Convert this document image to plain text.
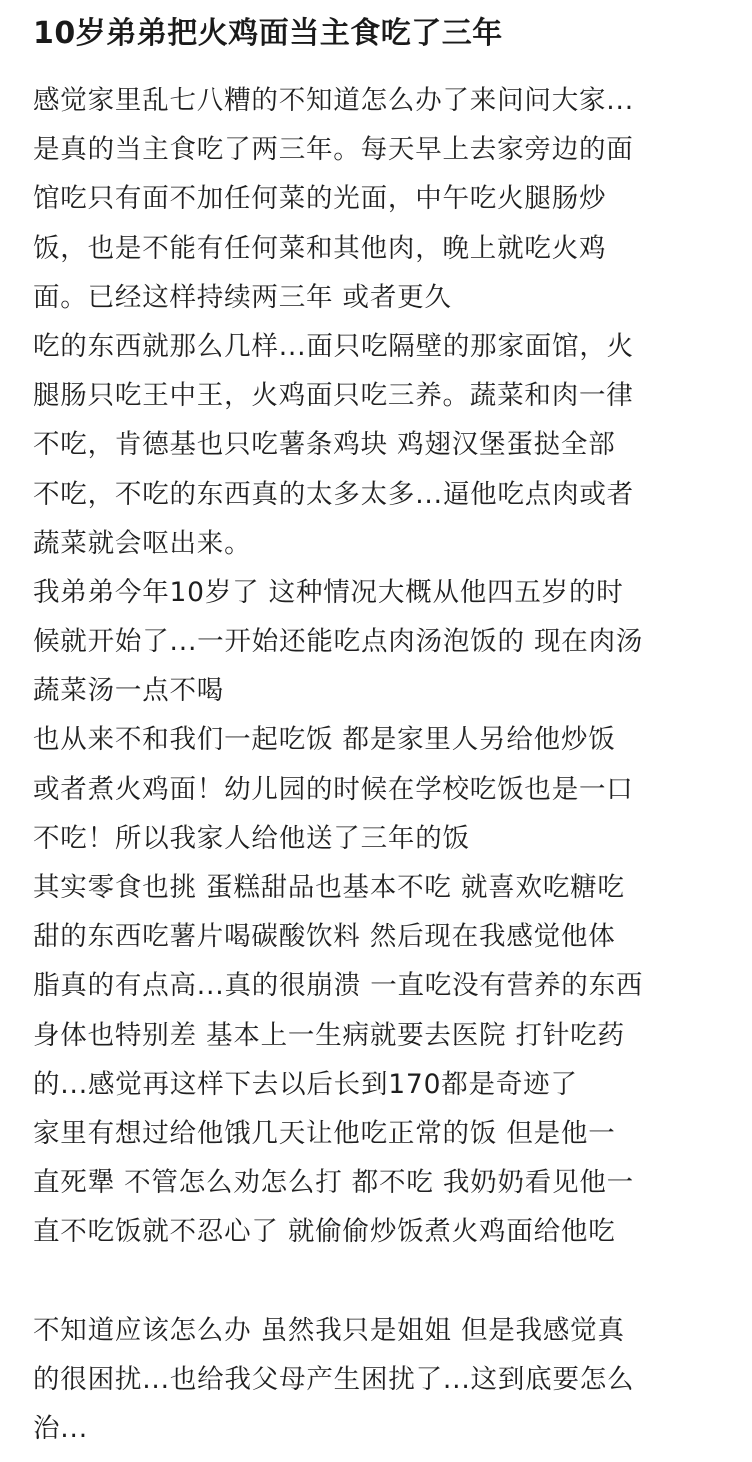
10岁弟弟把火鸡面当主食吃了三年
感觉家里乱七八糟的不知道怎么办了来问问大家...
是真的当主食吃了两三年。每天早上去家旁边的面
馆吃只有面不加任何菜的光面，中午吃火腿肠炒
饭，也是不能有任何菜和其他肉，晚上就吃火鸡
面。已经这样持续两三年 或者更久
吃的东西就那么几样...面只吃隔壁的那家面馆，火
腿肠只吃王中王，火鸡面只吃三养。蔬菜和肉一律
不吃，肯德基也只吃薯条鸡块 鸡翅汉堡蛋挞全部
不吃，不吃的东西真的太多太多...逼他吃点肉或者
蔬菜就会呕出来。
我弟弟今年10岁了 这种情况大概从他四五岁的时
候就开始了...一开始还能吃点肉汤泡饭的 现在肉汤
蔬菜汤一点不喝
也从来不和我们一起吃饭 都是家里人另给他炒饭
或者煮火鸡面！幼儿园的时候在学校吃饭也是一口
不吃！所以我家人给他送了三年的饭
其实零食也挑 蛋糕甜品也基本不吃 就喜欢吃糖吃
甜的东西吃薯片喝碳酸饮料 然后现在我感觉他体
脂真的有点高...真的很崩溃 一直吃没有营养的东西
身体也特别差 基本上一生病就要去医院 打针吃药
的...感觉再这样下去以后长到170都是奇迹了
家里有想过给他饿几天让他吃正常的饭 但是他一
直死犟 不管怎么劝怎么打 都不吃 我奶奶看见他一
直不吃饭就不忍心了 就偷偷炒饭煮火鸡面给他吃
不知道应该怎么办 虽然我只是姐姐 但是我感觉真
的很困扰...也给我父母产生困扰了...这到底要怎么
治...
